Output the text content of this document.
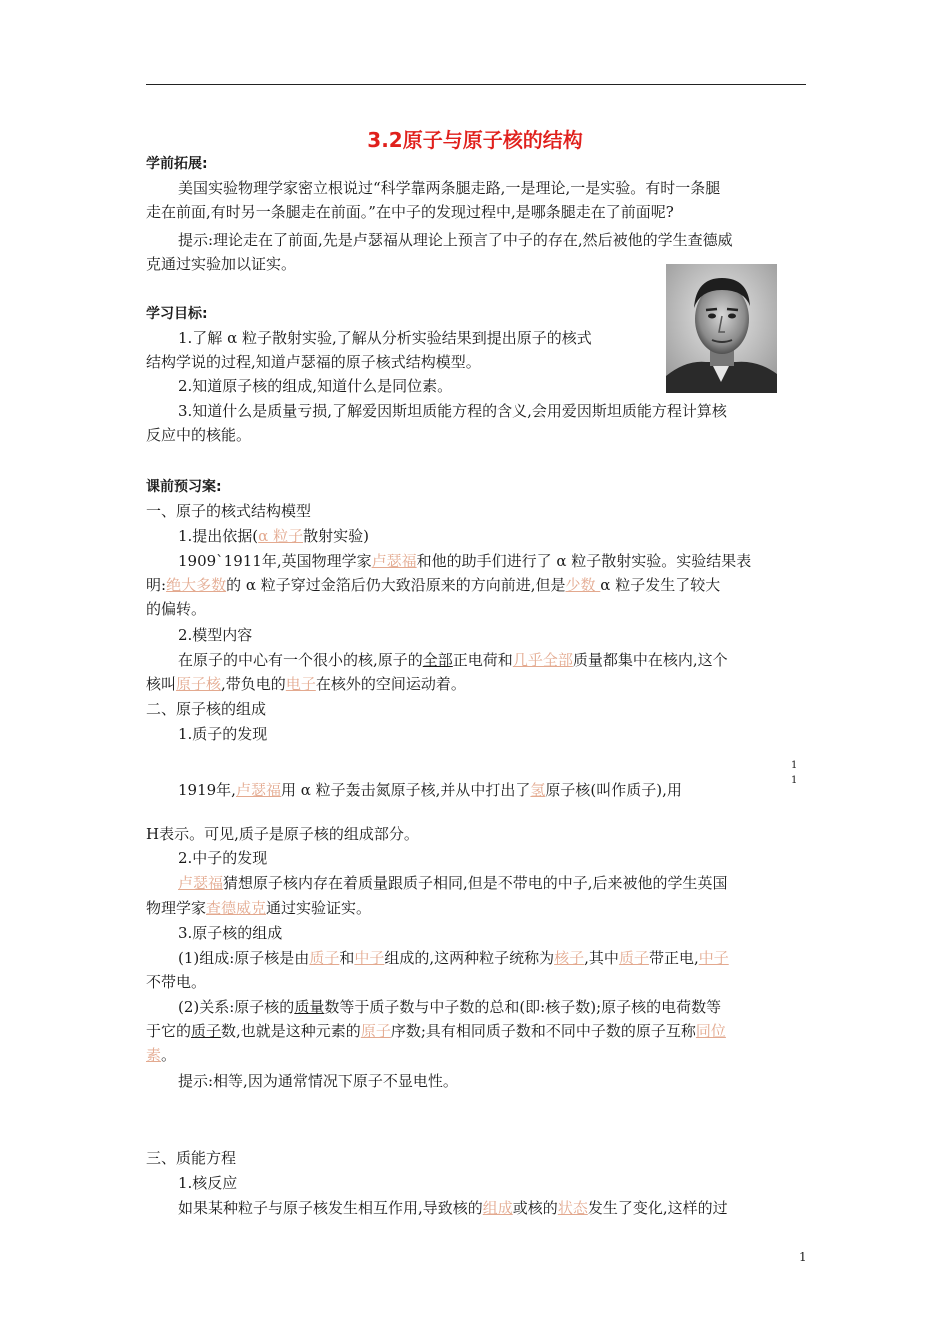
3.2原子与原子核的结构
学前拓展:
美国实验物理学家密立根说过“科学靠两条腿走路,一是理论,一是实验。有时一条腿
走在前面,有时另一条腿走在前面。”在中子的发现过程中,是哪条腿走在了前面呢?
提示:理论走在了前面,先是卢瑟福从理论上预言了中子的存在,然后被他的学生查德威
克通过实验加以证实。
学习目标:
1.了解 α 粒子散射实验,了解从分析实验结果到提出原子的核式
结构学说的过程,知道卢瑟福的原子核式结构模型。
2.知道原子核的组成,知道什么是同位素。
3.知道什么是质量亏损,了解爱因斯坦质能方程的含义,会用爱因斯坦质能方程计算核
反应中的核能。
课前预习案:
一、原子的核式结构模型
1.提出依据(α 粒子散射实验)
1909`1911年,英国物理学家卢瑟福和他的助手们进行了 α 粒子散射实验。实验结果表
明:绝大多数的 α 粒子穿过金箔后仍大致沿原来的方向前进,但是少数 α 粒子发生了较大
的偏转。
2.模型内容
在原子的中心有一个很小的核,原子的全部正电荷和几乎全部质量都集中在核内,这个
核叫原子核,带负电的电子在核外的空间运动着。
二、原子核的组成
1.质子的发现
1
1
1919年,卢瑟福用 α 粒子轰击氮原子核,并从中打出了氢原子核(叫作质子),用
H表示。可见,质子是原子核的组成部分。
2.中子的发现
卢瑟福猜想原子核内存在着质量跟质子相同,但是不带电的中子,后来被他的学生英国
物理学家查德威克通过实验证实。
3.原子核的组成
(1)组成:原子核是由质子和中子组成的,这两种粒子统称为核子,其中质子带正电,中子
不带电。
(2)关系:原子核的质量数等于质子数与中子数的总和(即:核子数);原子核的电荷数等
于它的质子数,也就是这种元素的原子序数;具有相同质子数和不同中子数的原子互称同位
素。
提示:相等,因为通常情况下原子不显电性。
三、质能方程
1.核反应
如果某种粒子与原子核发生相互作用,导致核的组成或核的状态发生了变化,这样的过
1
